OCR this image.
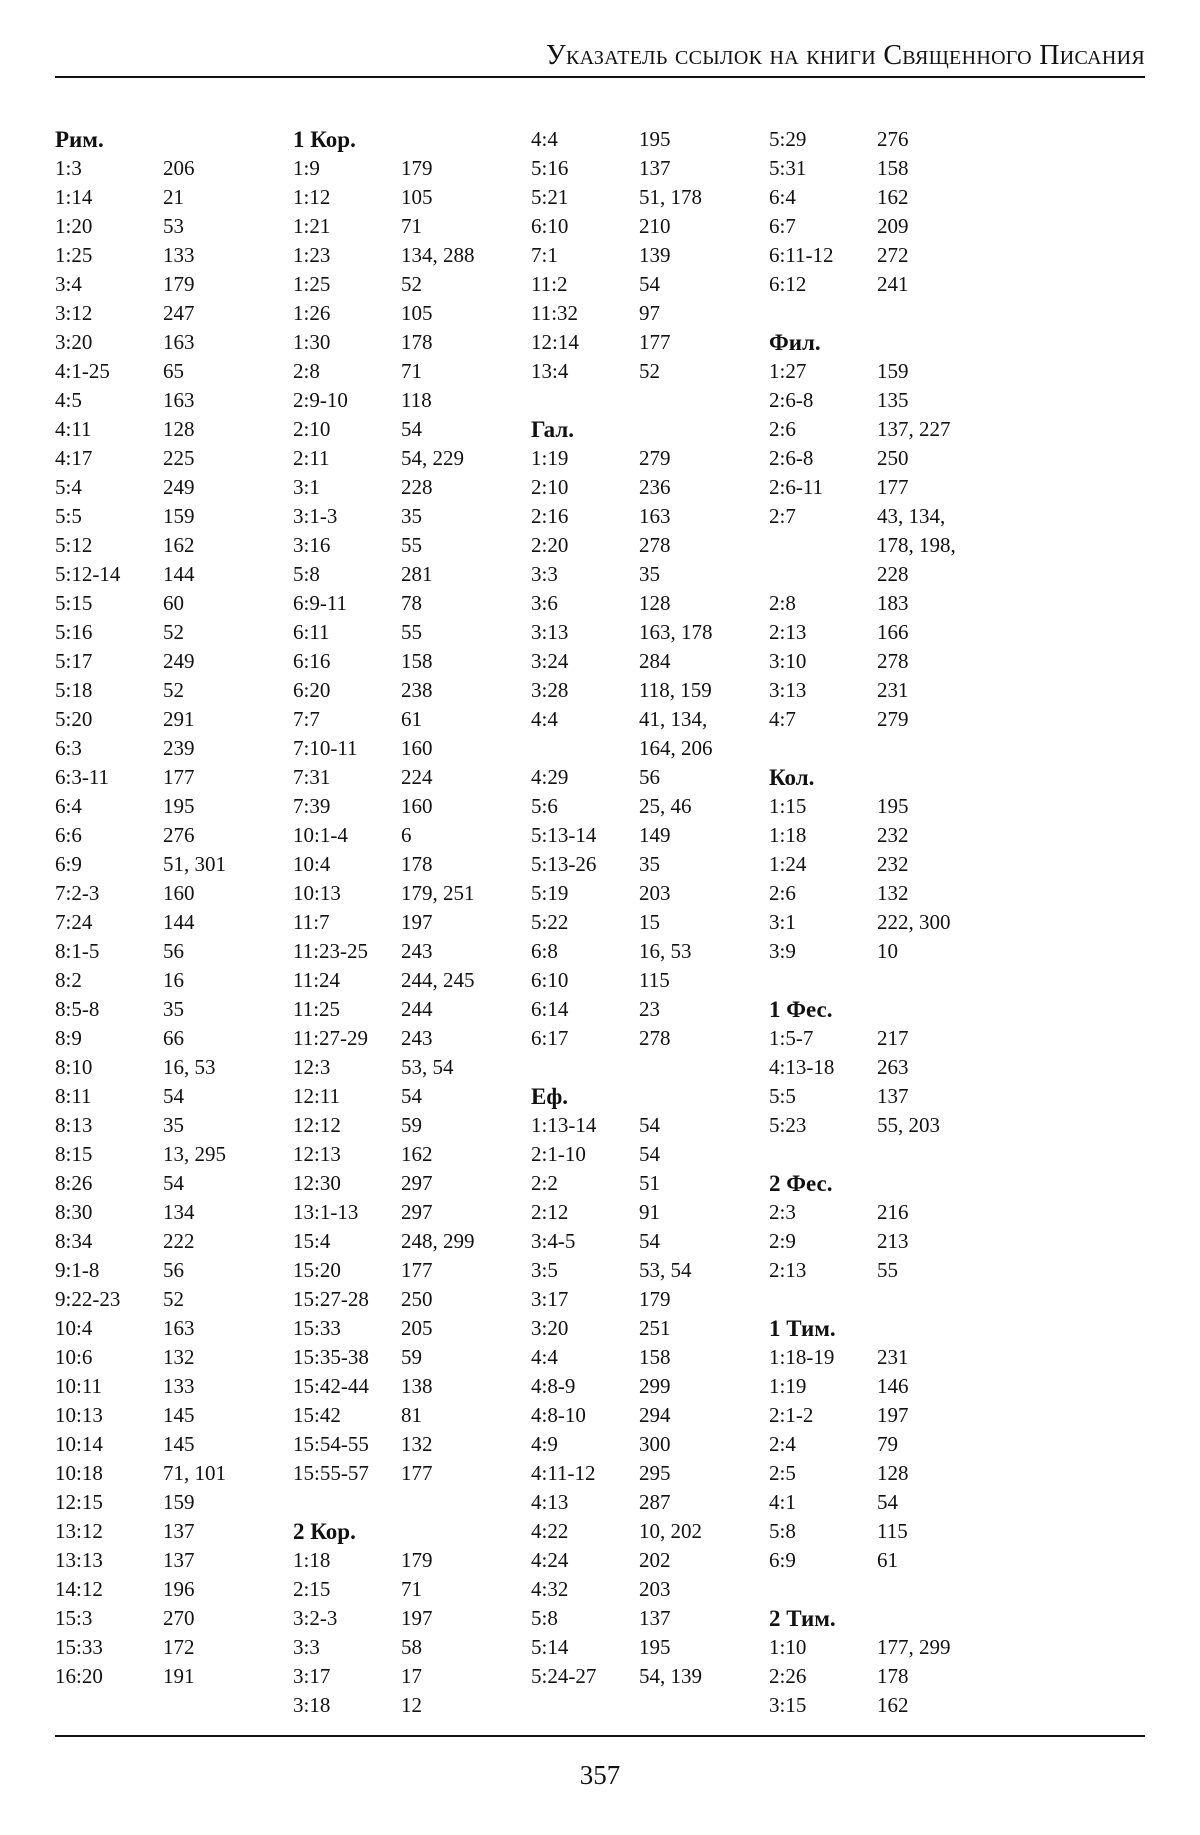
Указатель ссылок на книги Священного Писания
Рим.
1:3	206
1:14	21
1:20	53
1:25	133
3:4	179
3:12	247
3:20	163
4:1-25	65
4:5	163
4:11	128
4:17	225
5:4	249
5:5	159
5:12	162
5:12-14	144
5:15	60
5:16	52
5:17	249
5:18	52
5:20	291
6:3	239
6:3-11	177
6:4	195
6:6	276
6:9	51, 301
7:2-3	160
7:24	144
8:1-5	56
8:2	16
8:5-8	35
8:9	66
8:10	16, 53
8:11	54
8:13	35
8:15	13, 295
8:26	54
8:30	134
8:34	222
9:1-8	56
9:22-23	52
10:4	163
10:6	132
10:11	133
10:13	145
10:14	145
10:18	71, 101
12:15	159
13:12	137
13:13	137
14:12	196
15:3	270
15:33	172
16:20	191
1 Кор.
1:9	179
1:12	105
1:21	71
1:23	134, 288
1:25	52
1:26	105
1:30	178
2:8	71
2:9-10	118
2:10	54
2:11	54, 229
3:1	228
3:1-3	35
3:16	55
5:8	281
6:9-11	78
6:11	55
6:16	158
6:20	238
7:7	61
7:10-11	160
7:31	224
7:39	160
10:1-4	6
10:4	178
10:13	179, 251
11:7	197
11:23-25	243
11:24	244, 245
11:25	244
11:27-29	243
12:3	53, 54
12:11	54
12:12	59
12:13	162
12:30	297
13:1-13	297
15:4	248, 299
15:20	177
15:27-28	250
15:33	205
15:35-38	59
15:42-44	138
15:42	81
15:54-55	132
15:55-57	177
2 Кор.
1:18	179
2:15	71
3:2-3	197
3:3	58
3:17	17
3:18	12
4:4	195
5:16	137
5:21	51, 178
6:10	210
7:1	139
11:2	54
11:32	97
12:14	177
13:4	52
Гал.
1:19	279
2:10	236
2:16	163
2:20	278
3:3	35
3:6	128
3:13	163, 178
3:24	284
3:28	118, 159
4:4	41, 134,
164, 206
4:29	56
5:6	25, 46
5:13-14	149
5:13-26	35
5:19	203
5:22	15
6:8	16, 53
6:10	115
6:14	23
6:17	278
Еф.
1:13-14	54
2:1-10	54
2:2	51
2:12	91
3:4-5	54
3:5	53, 54
3:17	179
3:20	251
4:4	158
4:8-9	299
4:8-10	294
4:9	300
4:11-12	295
4:13	287
4:22	10, 202
4:24	202
4:32	203
5:8	137
5:14	195
5:24-27	54, 139
5:29	276
5:31	158
6:4	162
6:7	209
6:11-12	272
6:12	241
Фил.
1:27	159
2:6-8	135
2:6	137, 227
2:6-8	250
2:6-11	177
2:7	43, 134,
178, 198,
228
2:8	183
2:13	166
3:10	278
3:13	231
4:7	279
Кол.
1:15	195
1:18	232
1:24	232
2:6	132
3:1	222, 300
3:9	10
1 Фес.
1:5-7	217
4:13-18	263
5:5	137
5:23	55, 203
2 Фес.
2:3	216
2:9	213
2:13	55
1 Тим.
1:18-19	231
1:19	146
2:1-2	197
2:4	79
2:5	128
4:1	54
5:8	115
6:9	61
2 Тим.
1:10	177, 299
2:26	178
3:15	162
357
